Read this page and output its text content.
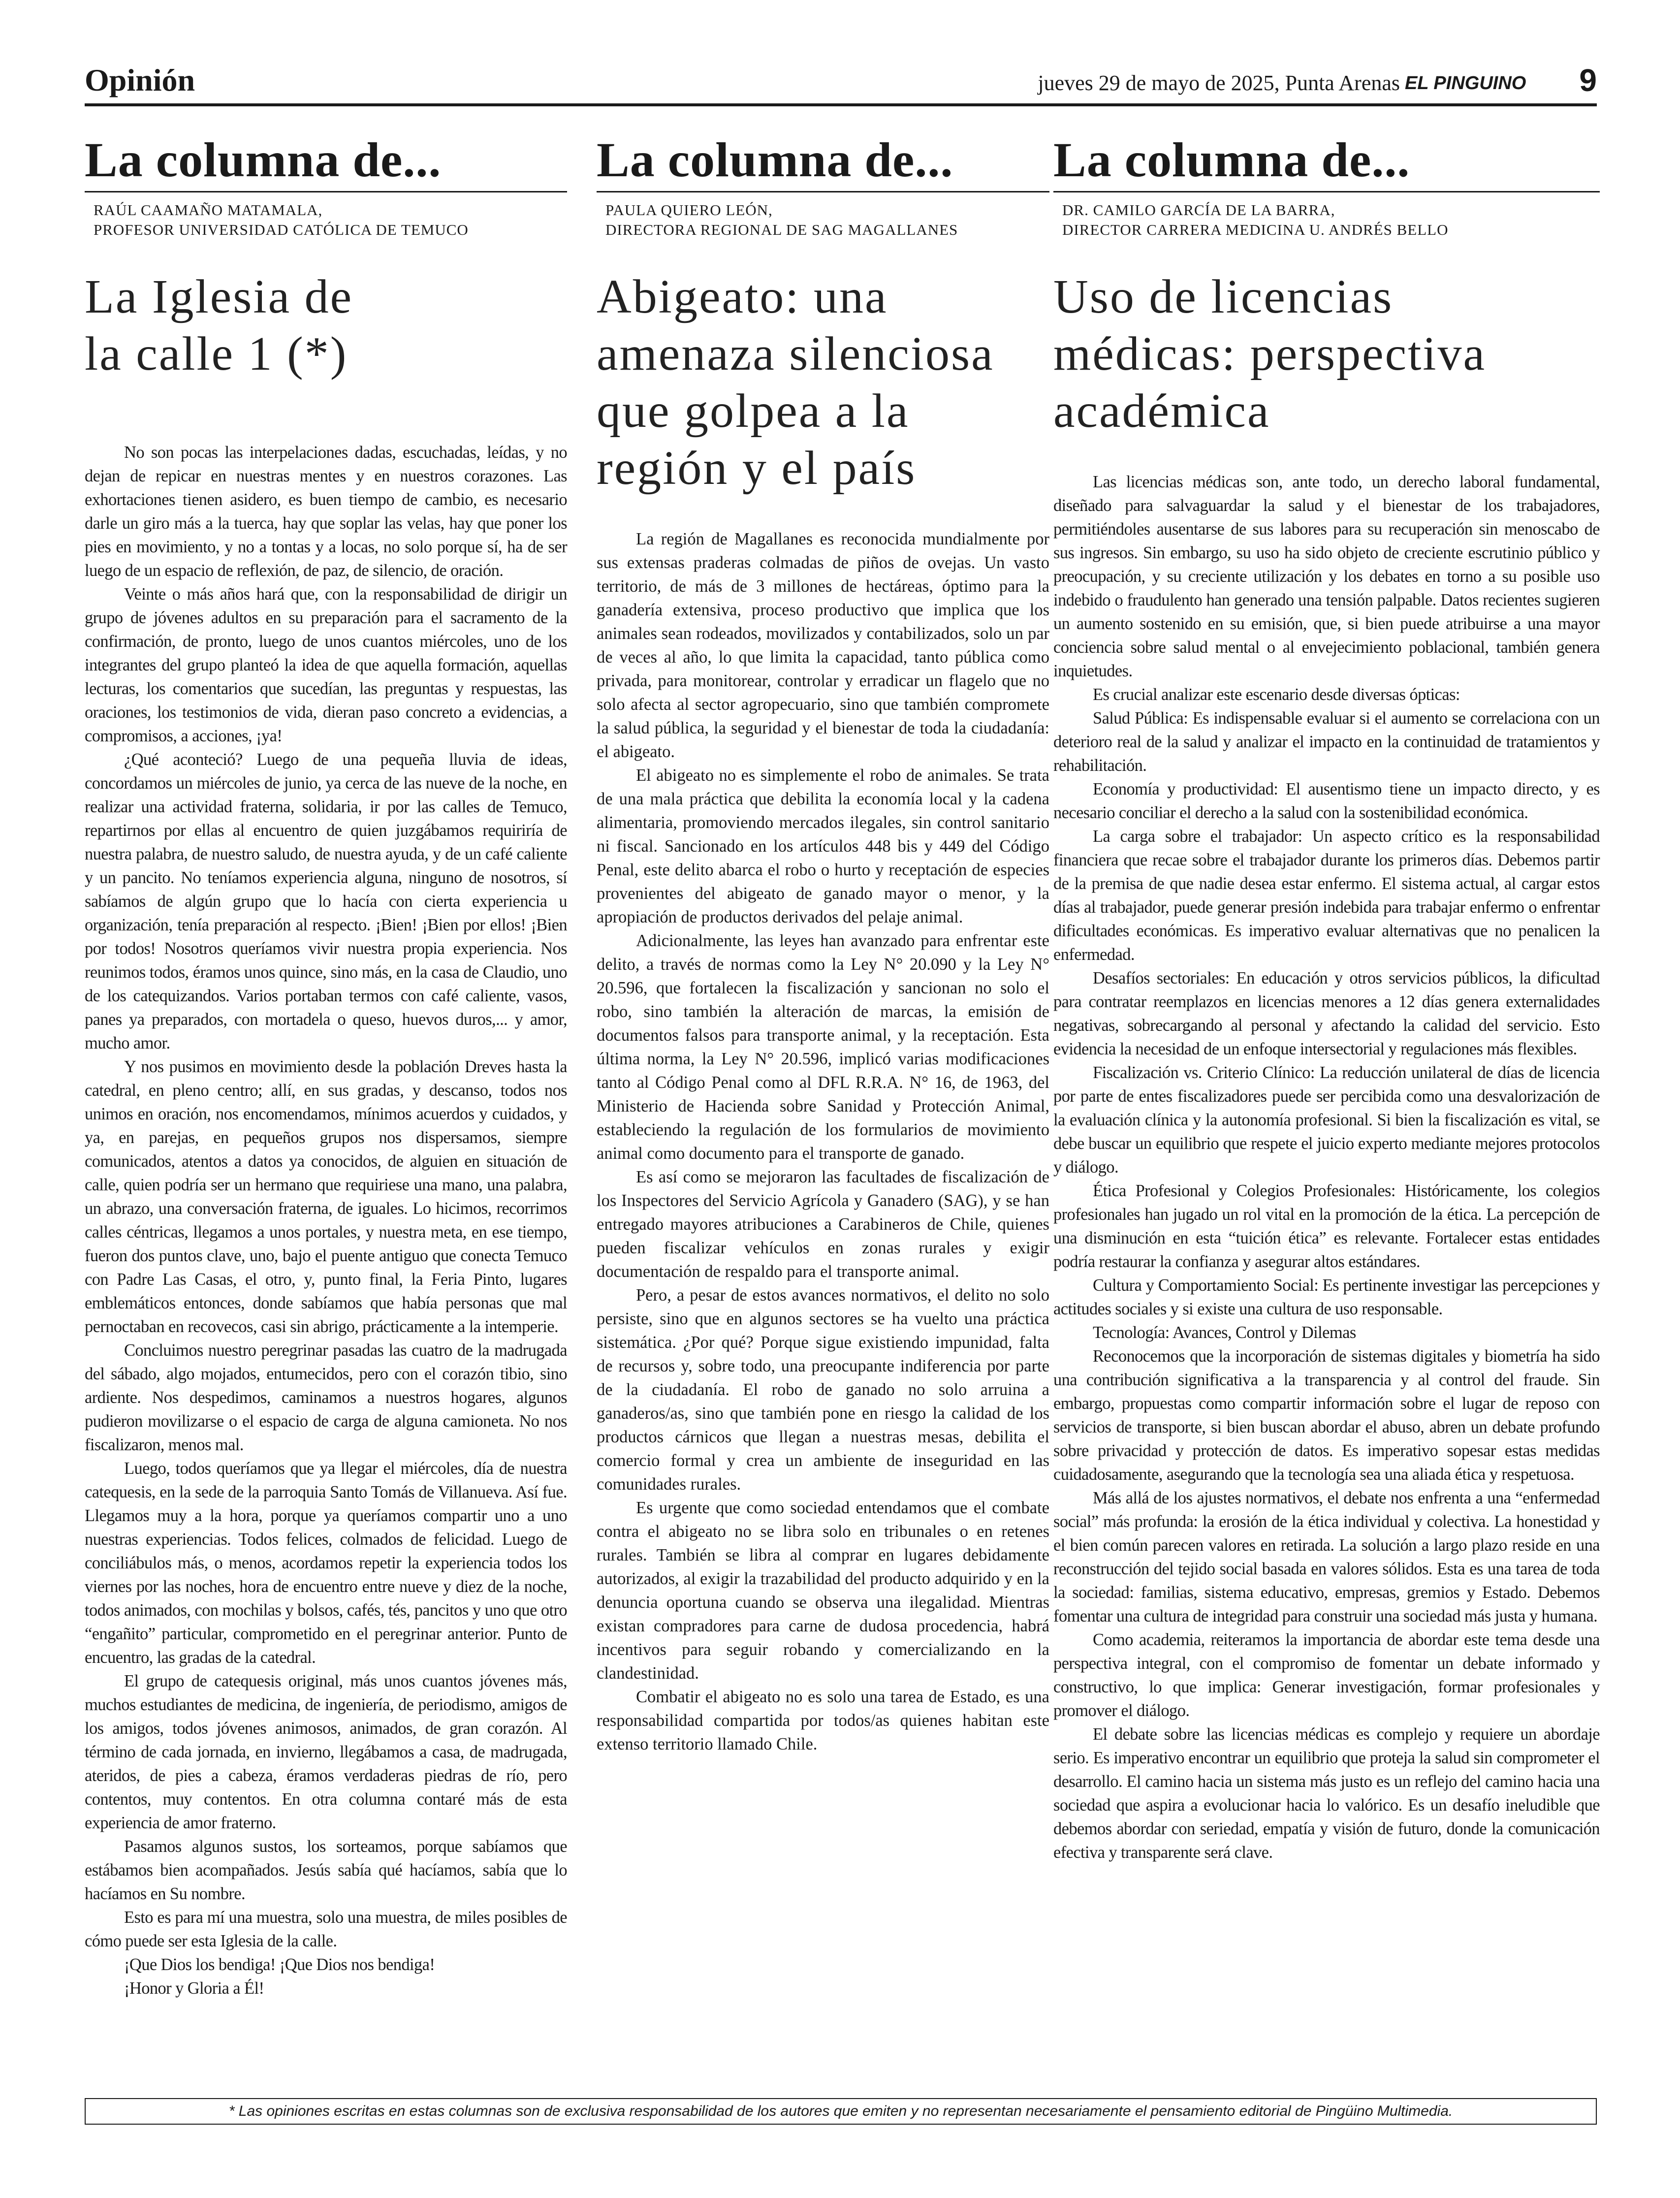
Opinión	jueves 29 de mayo de 2025, Punta Arenas EL PINGUINO 9
La columna de...
RAÚL CAAMAÑO MATAMALA,
PROFESOR UNIVERSIDAD CATÓLICA DE TEMUCO
La Iglesia de
la calle 1 (*)

No son pocas las interpelaciones dadas, escuchadas, leídas, y no dejan de repicar en nuestras mentes y en nuestros corazones. Las exhortaciones tienen asidero, es buen tiempo de cambio, es necesario darle un giro más a la tuerca, hay que soplar las velas, hay que poner los pies en movimiento, y no a tontas y a locas, no solo porque sí, ha de ser luego de un espacio de reflexión, de paz, de silencio, de oración.

Veinte o más años hará que, con la responsabilidad de dirigir un grupo de jóvenes adultos en su preparación para el sacramento de la confirmación, de pronto, luego de unos cuantos miércoles, uno de los integrantes del grupo planteó la idea de que aquella formación, aquellas lecturas, los comentarios que sucedían, las preguntas y respuestas, las oraciones, los testimonios de vida, dieran paso concreto a evidencias, a compromisos, a acciones, ¡ya!

¿Qué aconteció? Luego de una pequeña lluvia de ideas, concordamos un miércoles de junio, ya cerca de las nueve de la noche, en realizar una actividad fraterna, solidaria, ir por las calles de Temuco, repartirnos por ellas al encuentro de quien juzgábamos requiriría de nuestra palabra, de nuestro saludo, de nuestra ayuda, y de un café caliente y un pancito. No teníamos experiencia alguna, ninguno de nosotros, sí sabíamos de algún grupo que lo hacía con cierta experiencia u organización, tenía preparación al respecto. ¡Bien! ¡Bien por ellos! ¡Bien por todos! Nosotros queríamos vivir nuestra propia experiencia. Nos reunimos todos, éramos unos quince, sino más, en la casa de Claudio, uno de los catequizandos. Varios portaban termos con café caliente, vasos, panes ya preparados, con mortadela o queso, huevos duros,... y amor, mucho amor.

Y nos pusimos en movimiento desde la población Dreves hasta la catedral, en pleno centro; allí, en sus gradas, y descanso, todos nos unimos en oración, nos encomendamos, mínimos acuerdos y cuidados, y ya, en parejas, en pequeños grupos nos dispersamos, siempre comunicados, atentos a datos ya conocidos, de alguien en situación de calle, quien podría ser un hermano que requiriese una mano, una palabra, un abrazo, una conversación fraterna, de iguales. Lo hicimos, recorrimos calles céntricas, llegamos a unos portales, y nuestra meta, en ese tiempo, fueron dos puntos clave, uno, bajo el puente antiguo que conecta Temuco con Padre Las Casas, el otro, y, punto final, la Feria Pinto, lugares emblemáticos entonces, donde sabíamos que había personas que mal pernoctaban en recovecos, casi sin abrigo, prácticamente a la intemperie.

Concluimos nuestro peregrinar pasadas las cuatro de la madrugada del sábado, algo mojados, entumecidos, pero con el corazón tibio, sino ardiente. Nos despedimos, caminamos a nuestros hogares, algunos pudieron movilizarse o el espacio de carga de alguna camioneta. No nos fiscalizaron, menos mal.

Luego, todos queríamos que ya llegar el miércoles, día de nuestra catequesis, en la sede de la parroquia Santo Tomás de Villanueva. Así fue. Llegamos muy a la hora, porque ya queríamos compartir uno a uno nuestras experiencias. Todos felices, colmados de felicidad. Luego de conciliábulos más, o menos, acordamos repetir la experiencia todos los viernes por las noches, hora de encuentro entre nueve y diez de la noche, todos animados, con mochilas y bolsos, cafés, tés, pancitos y uno que otro “engañito” particular, comprometido en el peregrinar anterior. Punto de encuentro, las gradas de la catedral.

El grupo de catequesis original, más unos cuantos jóvenes más, muchos estudiantes de medicina, de ingeniería, de periodismo, amigos de los amigos, todos jóvenes animosos, animados, de gran corazón. Al término de cada jornada, en invierno, llegábamos a casa, de madrugada, ateridos, de pies a cabeza, éramos verdaderas piedras de río, pero contentos, muy contentos. En otra columna contaré más de esta experiencia de amor fraterno.

Pasamos algunos sustos, los sorteamos, porque sabíamos que estábamos bien acompañados. Jesús sabía qué hacíamos, sabía que lo hacíamos en Su nombre.

Esto es para mí una muestra, solo una muestra, de miles posibles de cómo puede ser esta Iglesia de la calle.

¡Que Dios los bendiga! ¡Que Dios nos bendiga!

¡Honor y Gloria a Él!

La columna de...
PAULA QUIERO LEÓN,
DIRECTORA REGIONAL DE SAG MAGALLANES
Abigeato: una
amenaza silenciosa
que golpea a la
región y el país

La región de Magallanes es reconocida mundialmente por sus extensas praderas colmadas de piños de ovejas. Un vasto territorio, de más de 3 millones de hectáreas, óptimo para la ganadería extensiva, proceso productivo que implica que los animales sean rodeados, movilizados y contabilizados, solo un par de veces al año, lo que limita la capacidad, tanto pública como privada, para monitorear, controlar y erradicar un flagelo que no solo afecta al sector agropecuario, sino que también compromete la salud pública, la seguridad y el bienestar de toda la ciudadanía: el abigeato.

El abigeato no es simplemente el robo de animales. Se trata de una mala práctica que debilita la economía local y la cadena alimentaria, promoviendo mercados ilegales, sin control sanitario ni fiscal. Sancionado en los artículos 448 bis y 449 del Código Penal, este delito abarca el robo o hurto y receptación de especies provenientes del abigeato de ganado mayor o menor, y la apropiación de productos derivados del pelaje animal.

Adicionalmente, las leyes han avanzado para enfrentar este delito, a través de normas como la Ley N° 20.090 y la Ley N° 20.596, que fortalecen la fiscalización y sancionan no solo el robo, sino también la alteración de marcas, la emisión de documentos falsos para transporte animal, y la receptación. Esta última norma, la Ley N° 20.596, implicó varias modificaciones tanto al Código Penal como al DFL R.R.A. N° 16, de 1963, del Ministerio de Hacienda sobre Sanidad y Protección Animal, estableciendo la regulación de los formularios de movimiento animal como documento para el transporte de ganado.

Es así como se mejoraron las facultades de fiscalización de los Inspectores del Servicio Agrícola y Ganadero (SAG), y se han entregado mayores atribuciones a Carabineros de Chile, quienes pueden fiscalizar vehículos en zonas rurales y exigir documentación de respaldo para el transporte animal.

Pero, a pesar de estos avances normativos, el delito no solo persiste, sino que en algunos sectores se ha vuelto una práctica sistemática. ¿Por qué? Porque sigue existiendo impunidad, falta de recursos y, sobre todo, una preocupante indiferencia por parte de la ciudadanía. El robo de ganado no solo arruina a ganaderos/as, sino que también pone en riesgo la calidad de los productos cárnicos que llegan a nuestras mesas, debilita el comercio formal y crea un ambiente de inseguridad en las comunidades rurales.

Es urgente que como sociedad entendamos que el combate contra el abigeato no se libra solo en tribunales o en retenes rurales. También se libra al comprar en lugares debidamente autorizados, al exigir la trazabilidad del producto adquirido y en la denuncia oportuna cuando se observa una ilegalidad. Mientras existan compradores para carne de dudosa procedencia, habrá incentivos para seguir robando y comercializando en la clandestinidad.

Combatir el abigeato no es solo una tarea de Estado, es una responsabilidad compartida por todos/as quienes habitan este extenso territorio llamado Chile.

La columna de...
DR. CAMILO GARCÍA DE LA BARRA,
DIRECTOR CARRERA MEDICINA U. ANDRÉS BELLO
Uso de licencias
médicas: perspectiva
académica

Las licencias médicas son, ante todo, un derecho laboral fundamental, diseñado para salvaguardar la salud y el bienestar de los trabajadores, permitiéndoles ausentarse de sus labores para su recuperación sin menoscabo de sus ingresos. Sin embargo, su uso ha sido objeto de creciente escrutinio público y preocupación, y su creciente utilización y los debates en torno a su posible uso indebido o fraudulento han generado una tensión palpable. Datos recientes sugieren un aumento sostenido en su emisión, que, si bien puede atribuirse a una mayor conciencia sobre salud mental o al envejecimiento poblacional, también genera inquietudes.

Es crucial analizar este escenario desde diversas ópticas:

Salud Pública: Es indispensable evaluar si el aumento se correlaciona con un deterioro real de la salud y analizar el impacto en la continuidad de tratamientos y rehabilitación.

Economía y productividad: El ausentismo tiene un impacto directo, y es necesario conciliar el derecho a la salud con la sostenibilidad económica.

La carga sobre el trabajador: Un aspecto crítico es la responsabilidad financiera que recae sobre el trabajador durante los primeros días. Debemos partir de la premisa de que nadie desea estar enfermo. El sistema actual, al cargar estos días al trabajador, puede generar presión indebida para trabajar enfermo o enfrentar dificultades económicas. Es imperativo evaluar alternativas que no penalicen la enfermedad.

Desafíos sectoriales: En educación y otros servicios públicos, la dificultad para contratar reemplazos en licencias menores a 12 días genera externalidades negativas, sobrecargando al personal y afectando la calidad del servicio. Esto evidencia la necesidad de un enfoque intersectorial y regulaciones más flexibles.

Fiscalización vs. Criterio Clínico: La reducción unilateral de días de licencia por parte de entes fiscalizadores puede ser percibida como una desvalorización de la evaluación clínica y la autonomía profesional. Si bien la fiscalización es vital, se debe buscar un equilibrio que respete el juicio experto mediante mejores protocolos y diálogo.

Ética Profesional y Colegios Profesionales: Históricamente, los colegios profesionales han jugado un rol vital en la promoción de la ética. La percepción de una disminución en esta “tuición ética” es relevante. Fortalecer estas entidades podría restaurar la confianza y asegurar altos estándares.

Cultura y Comportamiento Social: Es pertinente investigar las percepciones y actitudes sociales y si existe una cultura de uso responsable.

Tecnología: Avances, Control y Dilemas

Reconocemos que la incorporación de sistemas digitales y biometría ha sido una contribución significativa a la transparencia y al control del fraude. Sin embargo, propuestas como compartir información sobre el lugar de reposo con servicios de transporte, si bien buscan abordar el abuso, abren un debate profundo sobre privacidad y protección de datos. Es imperativo sopesar estas medidas cuidadosamente, asegurando que la tecnología sea una aliada ética y respetuosa.

Más allá de los ajustes normativos, el debate nos enfrenta a una “enfermedad social” más profunda: la erosión de la ética individual y colectiva. La honestidad y el bien común parecen valores en retirada. La solución a largo plazo reside en una reconstrucción del tejido social basada en valores sólidos. Esta es una tarea de toda la sociedad: familias, sistema educativo, empresas, gremios y Estado. Debemos fomentar una cultura de integridad para construir una sociedad más justa y humana.

Como academia, reiteramos la importancia de abordar este tema desde una perspectiva integral, con el compromiso de fomentar un debate informado y constructivo, lo que implica: Generar investigación, formar profesionales y promover el diálogo.

El debate sobre las licencias médicas es complejo y requiere un abordaje serio. Es imperativo encontrar un equilibrio que proteja la salud sin comprometer el desarrollo. El camino hacia un sistema más justo es un reflejo del camino hacia una sociedad que aspira a evolucionar hacia lo valórico. Es un desafío ineludible que debemos abordar con seriedad, empatía y visión de futuro, donde la comunicación efectiva y transparente será clave.

* Las opiniones escritas en estas columnas son de exclusiva responsabilidad de los autores que emiten y no representan necesariamente el pensamiento editorial de Pingüino Multimedia.
